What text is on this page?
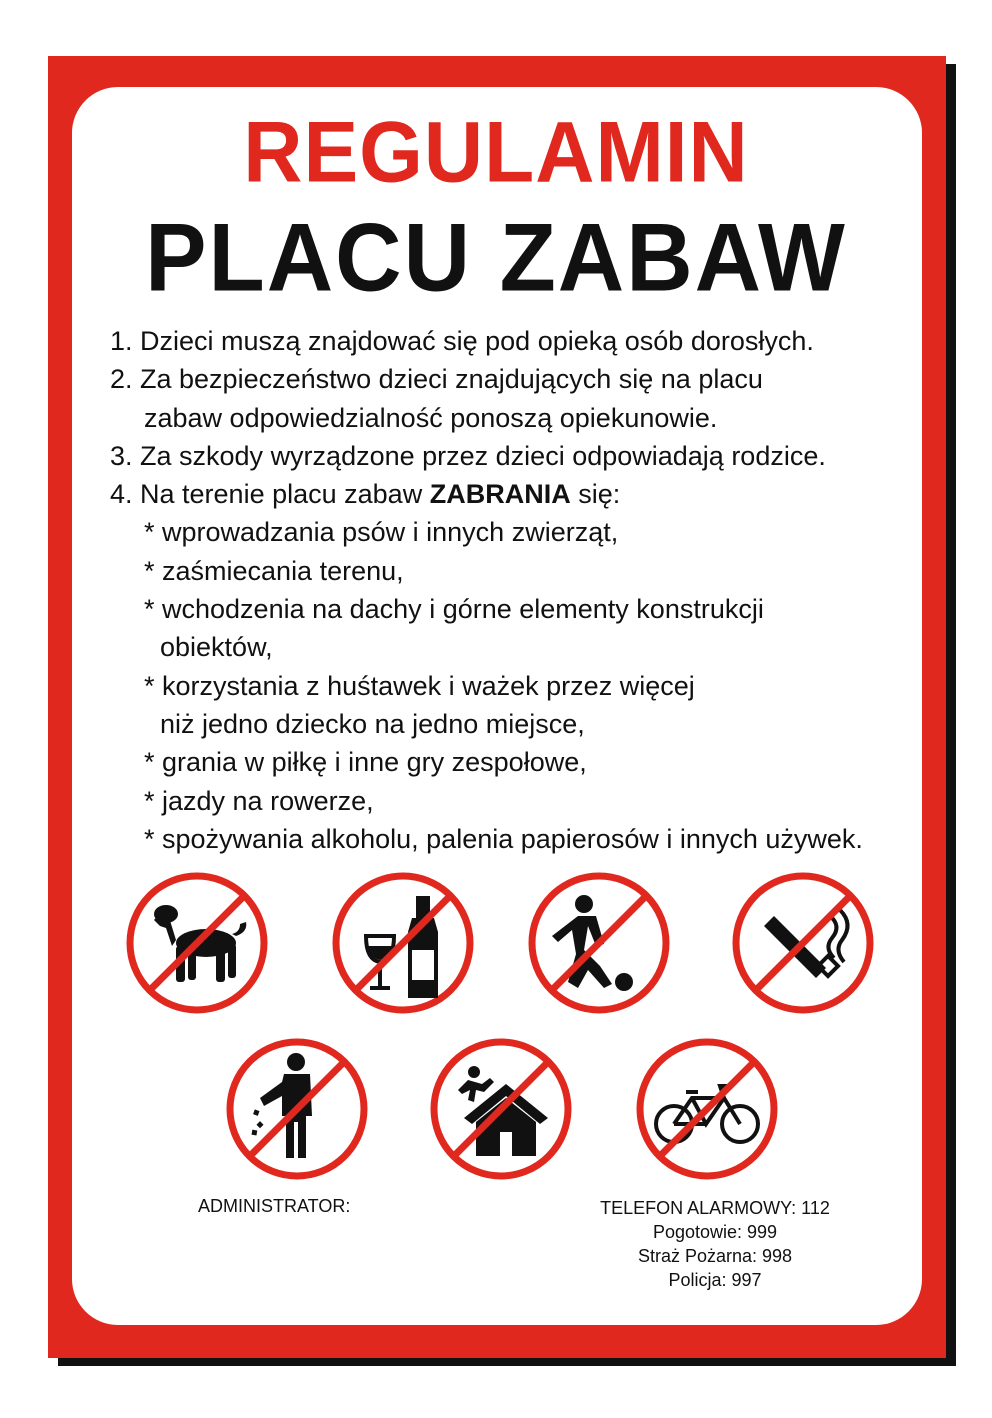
REGULAMIN
PLACU ZABAW
1. Dzieci muszą znajdować się pod opieką osób dorosłych.
2. Za bezpieczeństwo dzieci znajdujących się na placu
zabaw odpowiedzialność ponoszą opiekunowie.
3. Za szkody wyrządzone przez dzieci odpowiadają rodzice.
4. Na terenie placu zabaw ZABRANIA się:
* wprowadzania psów i innych zwierząt,
* zaśmiecania terenu,
* wchodzenia na dachy i górne elementy konstrukcji
obiektów,
* korzystania z huśtawek i ważek przez więcej
niż jedno dziecko na jedno miejsce,
* grania w piłkę i inne gry zespołowe,
* jazdy na rowerze,
* spożywania alkoholu, palenia papierosów i innych używek.
ADMINISTRATOR:	TELEFON ALARMOWY: 112
Pogotowie: 999
Straż Pożarna: 998
Policja: 997
